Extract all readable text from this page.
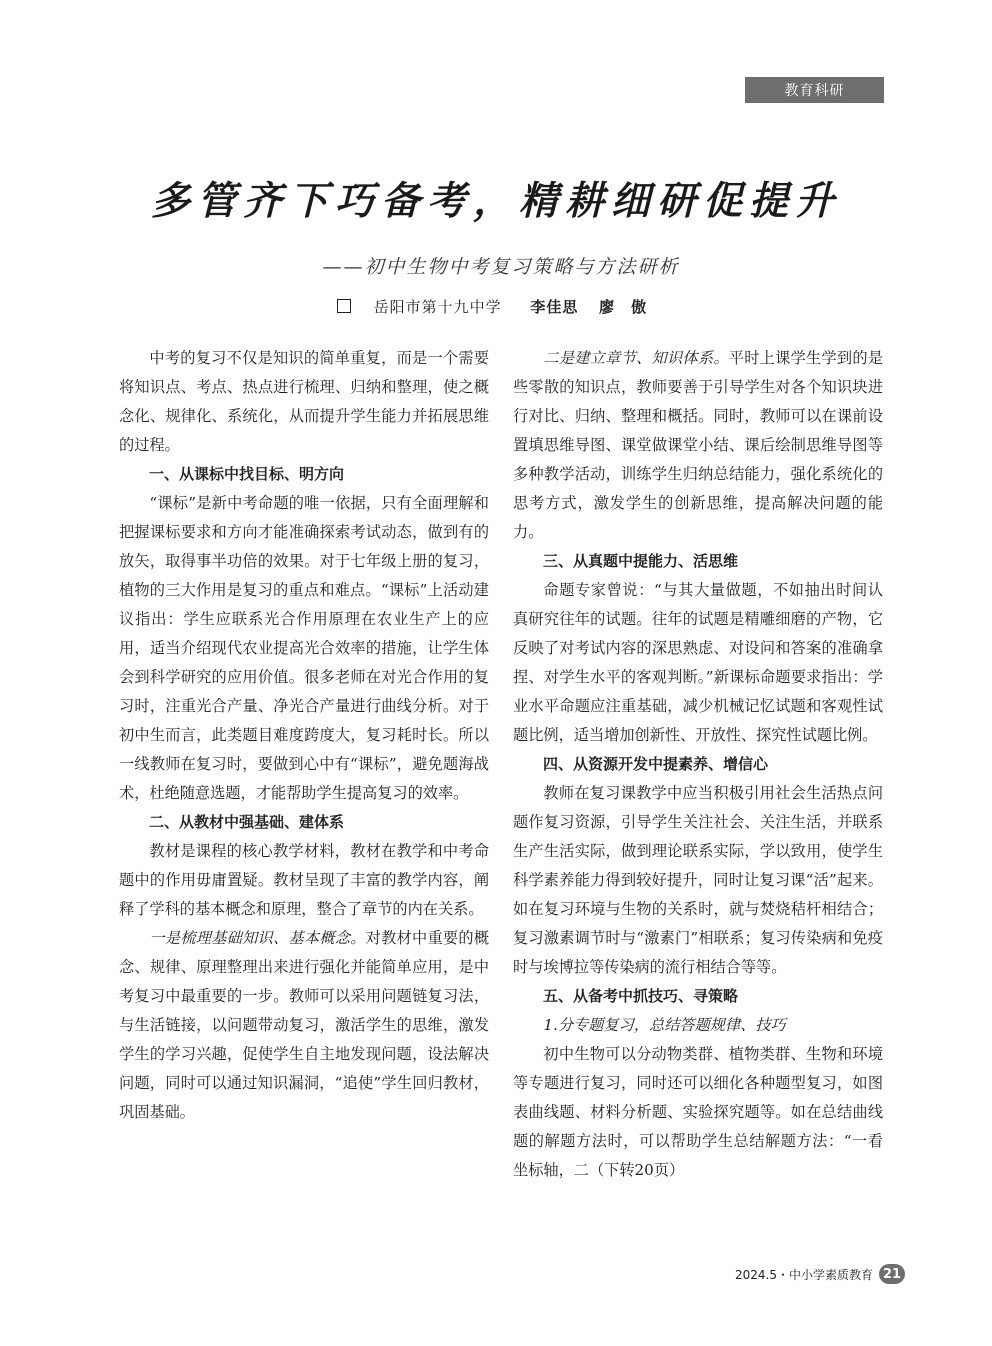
教育科研
多管齐下巧备考，精耕细研促提升
——初中生物中考复习策略与方法研析
岳阳市第十九中学 李佳思 廖　傲

中考的复习不仅是知识的简单重复，而是一个需要将知识点、考点、热点进行梳理、归纳和整理，使之概念化、规律化、系统化，从而提升学生能力并拓展思维的过程。

一、从课标中找目标、明方向

“课标”是新中考命题的唯一依据，只有全面理解和把握课标要求和方向才能准确探索考试动态，做到有的放矢，取得事半功倍的效果。对于七年级上册的复习，植物的三大作用是复习的重点和难点。“课标”上活动建议指出：学生应联系光合作用原理在农业生产上的应用，适当介绍现代农业提高光合效率的措施，让学生体会到科学研究的应用价值。很多老师在对光合作用的复习时，注重光合产量、净光合产量进行曲线分析。对于初中生而言，此类题目难度跨度大，复习耗时长。所以一线教师在复习时，要做到心中有“课标”，避免题海战术，杜绝随意选题，才能帮助学生提高复习的效率。

二、从教材中强基础、建体系

教材是课程的核心教学材料，教材在教学和中考命题中的作用毋庸置疑。教材呈现了丰富的教学内容，阐释了学科的基本概念和原理，整合了章节的内在关系。

一是梳理基础知识、基本概念。对教材中重要的概念、规律、原理整理出来进行强化并能简单应用，是中考复习中最重要的一步。教师可以采用问题链复习法，与生活链接，以问题带动复习，激活学生的思维，激发学生的学习兴趣，促使学生自主地发现问题，设法解决问题，同时可以通过知识漏洞，“追使”学生回归教材，巩固基础。

二是建立章节、知识体系。平时上课学生学到的是些零散的知识点，教师要善于引导学生对各个知识块进行对比、归纳、整理和概括。同时，教师可以在课前设置填思维导图、课堂做课堂小结、课后绘制思维导图等多种教学活动，训练学生归纳总结能力，强化系统化的思考方式，激发学生的创新思维，提高解决问题的能力。

三、从真题中提能力、活思维

命题专家曾说：“与其大量做题，不如抽出时间认真研究往年的试题。往年的试题是精雕细磨的产物，它反映了对考试内容的深思熟虑、对设问和答案的准确拿捏、对学生水平的客观判断。”新课标命题要求指出：学业水平命题应注重基础，减少机械记忆试题和客观性试题比例，适当增加创新性、开放性、探究性试题比例。

四、从资源开发中提素养、增信心

教师在复习课教学中应当积极引用社会生活热点问题作复习资源，引导学生关注社会、关注生活，并联系生产生活实际，做到理论联系实际，学以致用，使学生科学素养能力得到较好提升，同时让复习课“活”起来。如在复习环境与生物的关系时，就与焚烧秸杆相结合；复习激素调节时与“激素门”相联系；复习传染病和免疫时与埃博拉等传染病的流行相结合等等。

五、从备考中抓技巧、寻策略

1.分专题复习，总结答题规律、技巧

初中生物可以分动物类群、植物类群、生物和环境等专题进行复习，同时还可以细化各种题型复习，如图表曲线题、材料分析题、实验探究题等。如在总结曲线题的解题方法时，可以帮助学生总结解题方法：“一看坐标轴，二（下转20页）

2024.5・中小学素质教育 21
